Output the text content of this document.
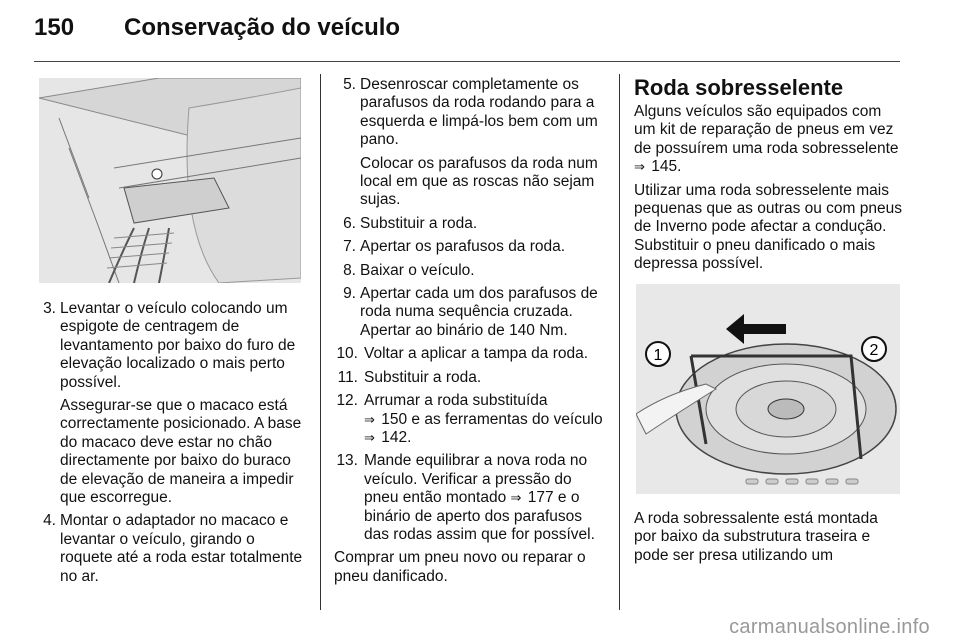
150 Conservação do veículo
3. Levantar o veículo colocando um espigote de centragem de levantamento por baixo do furo de elevação localizado o mais perto possível.
Assegurar-se que o macaco está correctamente posicionado. A base do macaco deve estar no chão directamente por baixo do buraco de elevação de maneira a impedir que escorregue.
4. Montar o adaptador no macaco e levantar o veículo, girando o roquete até a roda estar totalmente no ar.
5. Desenroscar completamente os parafusos da roda rodando para a esquerda e limpá-los bem com um pano.
Colocar os parafusos da roda num local em que as roscas não sejam sujas.
6. Substituir a roda.
7. Apertar os parafusos da roda.
8. Baixar o veículo.
9. Apertar cada um dos parafusos de roda numa sequência cruzada. Apertar ao binário de 140 Nm.
10. Voltar a aplicar a tampa da roda.
11. Substituir a roda.
12. Arrumar a roda substituída
⇒ 150 e as ferramentas do veículo ⇒ 142.
13. Mande equilibrar a nova roda no veículo. Verificar a pressão do pneu então montado ⇒ 177 e o binário de aperto dos parafusos das rodas assim que for possível.
Comprar um pneu novo ou reparar o pneu danificado.
Roda sobresselente
Alguns veículos são equipados com um kit de reparação de pneus em vez de possuírem uma roda sobresselente ⇒ 145.
Utilizar uma roda sobresselente mais pequenas que as outras ou com pneus de Inverno pode afectar a condução. Substituir o pneu danificado o mais depressa possível.
1	2
A roda sobressalente está montada por baixo da substrutura traseira e pode ser presa utilizando um
carmanualsonline.info
